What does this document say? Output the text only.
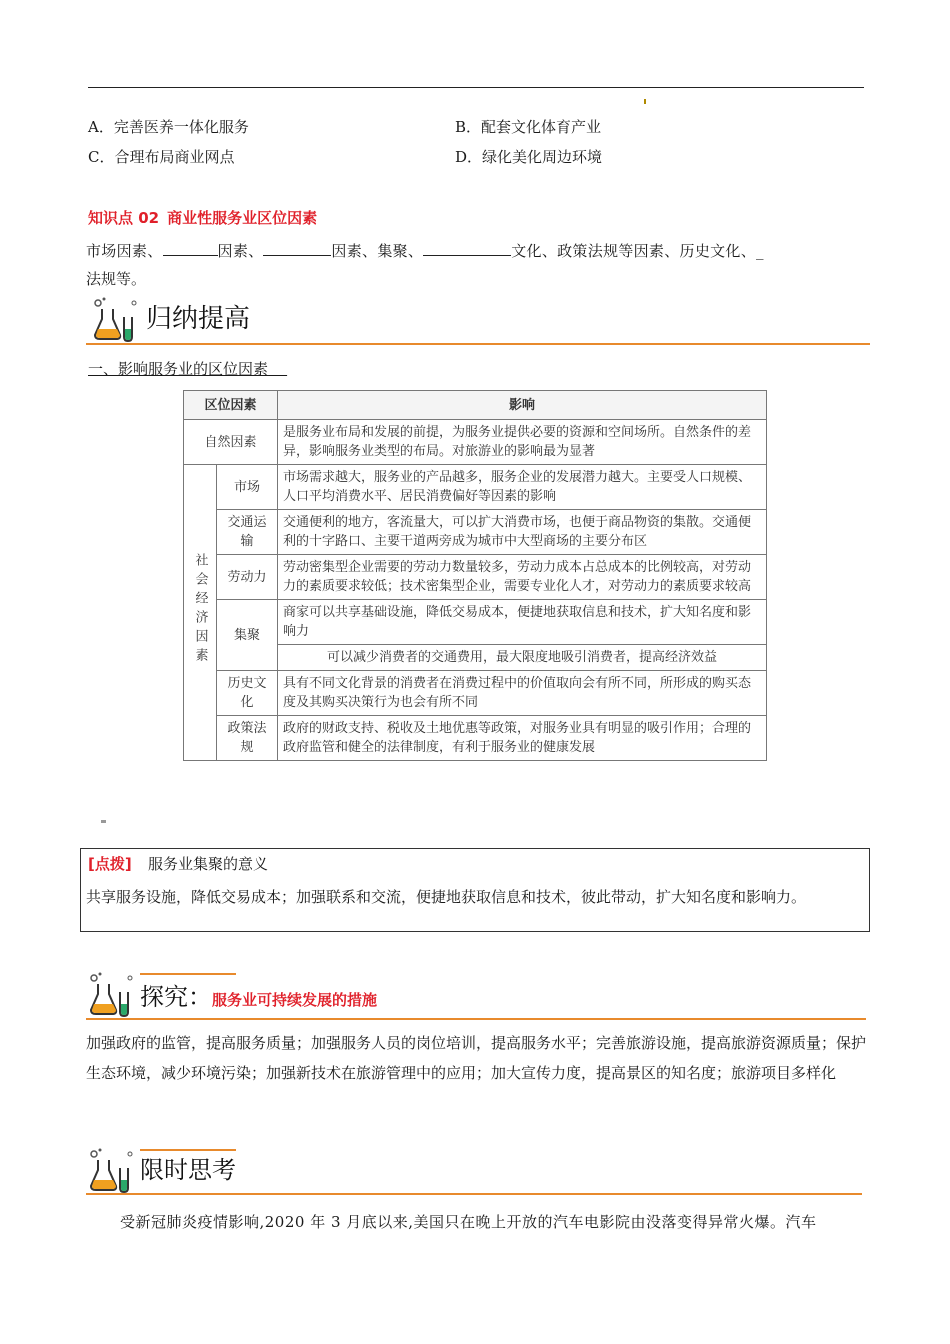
A．完善医养一体化服务	B．配套文化体育产业
C．合理布局商业网点	D．绿化美化周边环境
知识点 02 商业性服务业区位因素
市场因素、	因素、	因素、集聚、	文化、政策法规等因素、历史文化、_
法规等。
归纳提高
一、影响服务业的区位因素
区位因素		影响
自然因素		是服务业布局和发展的前提，为服务业提供必要的资源和空间场所。自然条件的差异，影响服务业类型的布局。对旅游业的影响最为显著
社会经济因素	市场	市场需求越大，服务业的产品越多，服务企业的发展潜力越大。主要受人口规模、人口平均消费水平、居民消费偏好等因素的影响
	交通运输	交通便利的地方，客流量大，可以扩大消费市场，也便于商品物资的集散。交通便利的十字路口、主要干道两旁成为城市中大型商场的主要分布区
	劳动力	劳动密集型企业需要的劳动力数量较多，劳动力成本占总成本的比例较高，对劳动力的素质要求较低；技术密集型企业，需要专业化人才，对劳动力的素质要求较高
	集聚	商家可以共享基础设施，降低交易成本，便捷地获取信息和技术，扩大知名度和影响力
		可以减少消费者的交通费用，最大限度地吸引消费者，提高经济效益
	历史文化	具有不同文化背景的消费者在消费过程中的价值取向会有所不同，所形成的购买态度及其购买决策行为也会有所不同
	政策法规	政府的财政支持、税收及土地优惠等政策，对服务业具有明显的吸引作用；合理的政府监管和健全的法律制度，有利于服务业的健康发展
[点拨] 服务业集聚的意义
共享服务设施，降低交易成本；加强联系和交流，便捷地获取信息和技术，彼此带动，扩大知名度和影响力。
探究：服务业可持续发展的措施
加强政府的监管，提高服务质量；加强服务人员的岗位培训，提高服务水平；完善旅游设施，提高旅游资源质量；保护生态环境，减少环境污染；加强新技术在旅游管理中的应用；加大宣传力度，提高景区的知名度；旅游项目多样化
限时思考
受新冠肺炎疫情影响,2020 年 3 月底以来,美国只在晚上开放的汽车电影院由没落变得异常火爆。汽车
